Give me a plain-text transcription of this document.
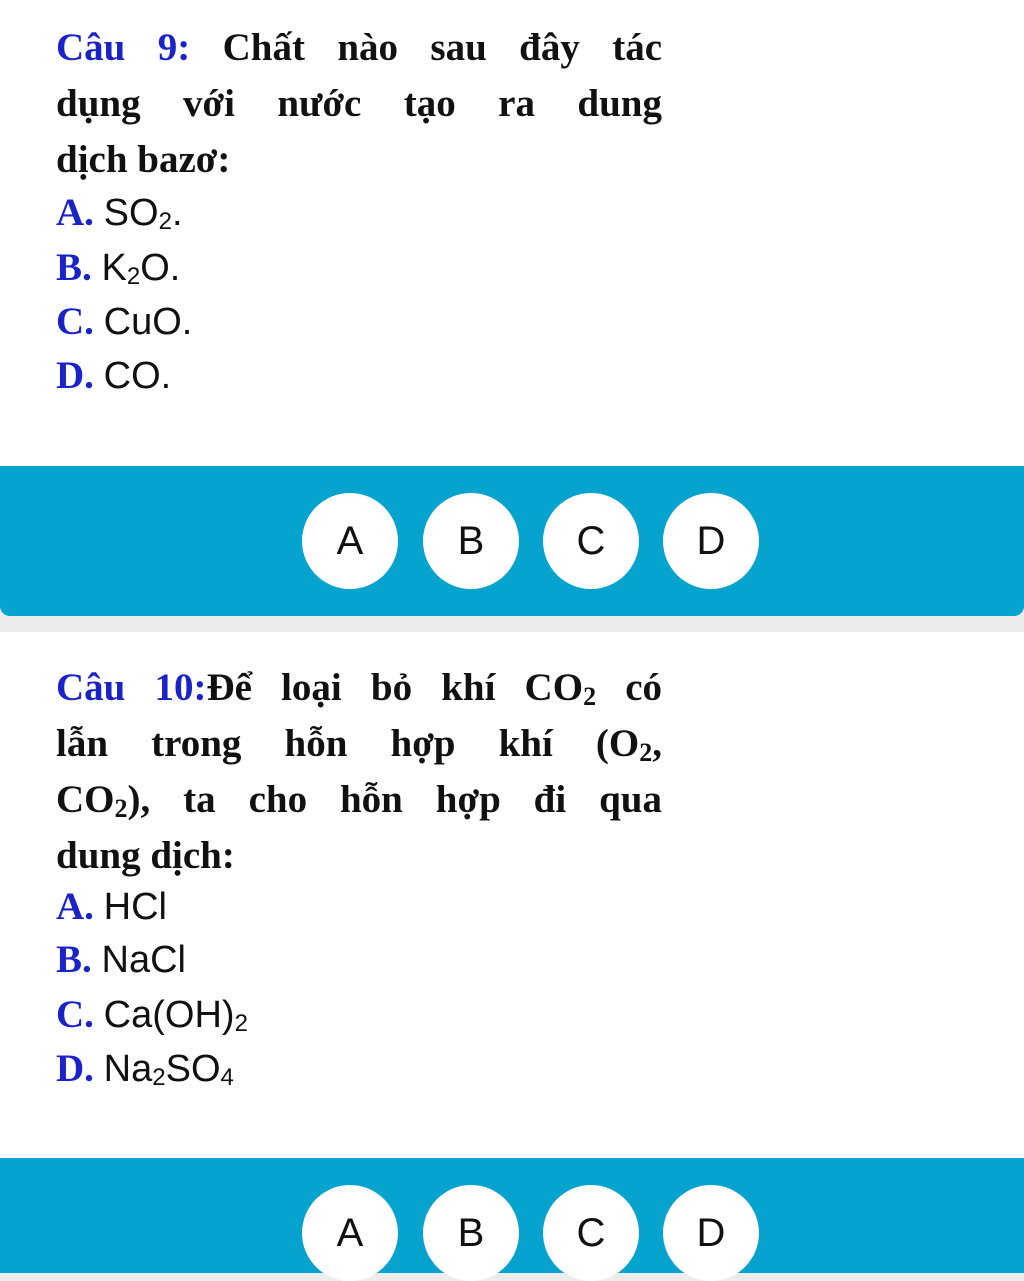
Câu 9: Chất nào sau đây tác
dụng với nước tạo ra dung
dịch bazơ:
A. $SO_2$.
B. $K_2O$.
C. CuO.
D. CO.
A	B	C	D
Câu 10:Để loại bỏ khí $CO_2$ có
lẫn trong hỗn hợp khí ($O_2$,
$CO_2$), ta cho hỗn hợp đi qua
dung dịch:
A. HCl
B. NaCl
C. $Ca(OH)_2$
D. $Na_2SO_4$
A	B	C	D
